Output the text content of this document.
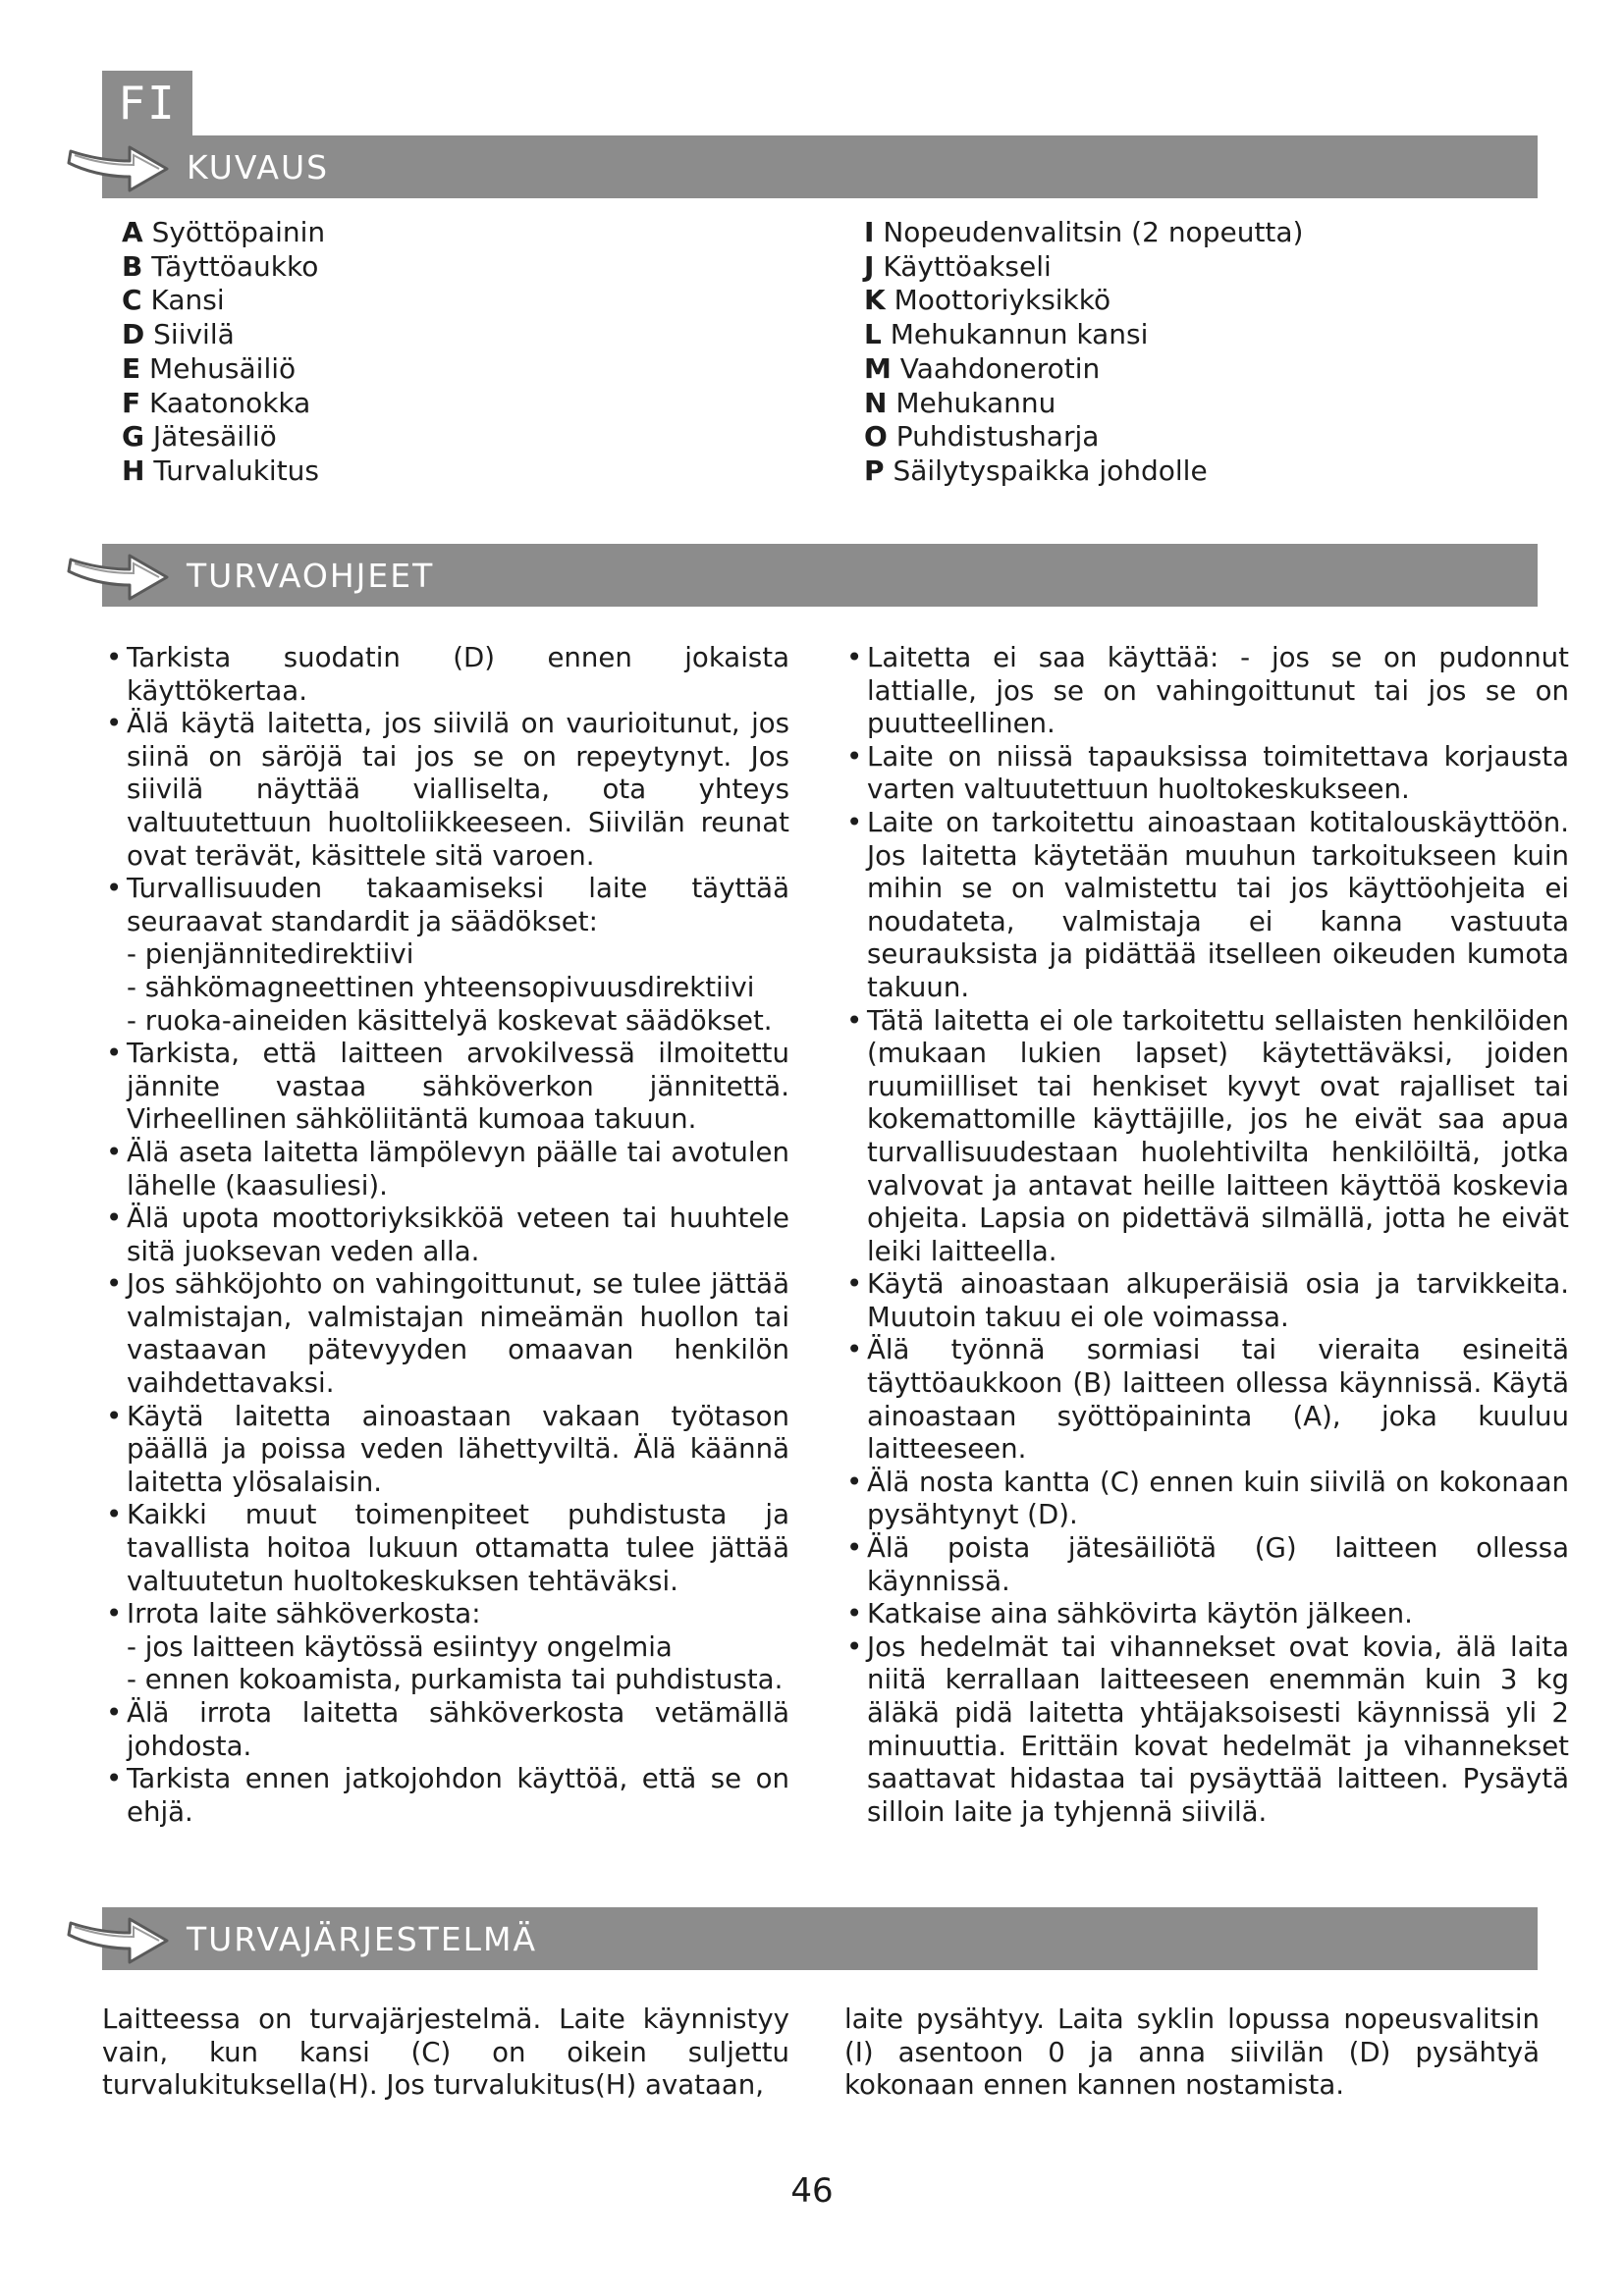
FI
KUVAUS
A Syöttöpainin
B Täyttöaukko
C Kansi
D Siivilä
E Mehusäiliö
F Kaatonokka
G Jätesäiliö
H Turvalukitus
I Nopeudenvalitsin (2 nopeutta)
J Käyttöakseli
K Moottoriyksikkö
L Mehukannun kansi
M Vaahdonerotin
N Mehukannu
O Puhdistusharja
P Säilytyspaikka johdolle
TURVAOHJEET
• Tarkista suodatin (D) ennen jokaista käyttökertaa.
• Älä käytä laitetta, jos siivilä on vaurioitunut, jos siinä on säröjä tai jos se on repeytynyt. Jos siivilä näyttää vialliselta, ota yhteys valtuutettuun huoltoliikkeeseen. Siivilän reunat ovat terävät, käsittele sitä varoen.
• Turvallisuuden takaamiseksi laite täyttää seuraavat standardit ja säädökset:
- pienjännitedirektiivi
- sähkömagneettinen yhteensopivuusdirektiivi
- ruoka-aineiden käsittelyä koskevat säädökset.
• Tarkista, että laitteen arvokilvessä ilmoitettu jännite vastaa sähköverkon jännitettä. Virheellinen sähköliitäntä kumoaa takuun.
• Älä aseta laitetta lämpölevyn päälle tai avotulen lähelle (kaasuliesi).
• Älä upota moottoriyksikköä veteen tai huuhtele sitä juoksevan veden alla.
• Jos sähköjohto on vahingoittunut, se tulee jättää valmistajan, valmistajan nimeämän huollon tai vastaavan pätevyyden omaavan henkilön vaihdettavaksi.
• Käytä laitetta ainoastaan vakaan työtason päällä ja poissa veden lähettyviltä. Älä käännä laitetta ylösalaisin.
• Kaikki muut toimenpiteet puhdistusta ja tavallista hoitoa lukuun ottamatta tulee jättää valtuutetun huoltokeskuksen tehtäväksi.
• Irrota laite sähköverkosta:
- jos laitteen käytössä esiintyy ongelmia
- ennen kokoamista, purkamista tai puhdistusta.
• Älä irrota laitetta sähköverkosta vetämällä johdosta.
• Tarkista ennen jatkojohdon käyttöä, että se on ehjä.
• Laitetta ei saa käyttää: - jos se on pudonnut lattialle, jos se on vahingoittunut tai jos se on puutteellinen.
• Laite on niissä tapauksissa toimitettava korjausta varten valtuutettuun huoltokeskukseen.
• Laite on tarkoitettu ainoastaan kotitalouskäyttöön. Jos laitetta käytetään muuhun tarkoitukseen kuin mihin se on valmistettu tai jos käyttöohjeita ei noudateta, valmistaja ei kanna vastuuta seurauksista ja pidättää itselleen oikeuden kumota takuun.
• Tätä laitetta ei ole tarkoitettu sellaisten henkilöiden (mukaan lukien lapset) käytettäväksi, joiden ruumiilliset tai henkiset kyvyt ovat rajalliset tai kokemattomille käyttäjille, jos he eivät saa apua turvallisuudestaan huolehtivilta henkilöiltä, jotka valvovat ja antavat heille laitteen käyttöä koskevia ohjeita. Lapsia on pidettävä silmällä, jotta he eivät leiki laitteella.
• Käytä ainoastaan alkuperäisiä osia ja tarvikkeita. Muutoin takuu ei ole voimassa.
• Älä työnnä sormiasi tai vieraita esineitä täyttöaukkoon (B) laitteen ollessa käynnissä. Käytä ainoastaan syöttöpaininta (A), joka kuuluu laitteeseen.
• Älä nosta kantta (C) ennen kuin siivilä on kokonaan pysähtynyt (D).
• Älä poista jätesäiliötä (G) laitteen ollessa käynnissä.
• Katkaise aina sähkövirta käytön jälkeen.
• Jos hedelmät tai vihannekset ovat kovia, älä laita niitä kerrallaan laitteeseen enemmän kuin 3 kg äläkä pidä laitetta yhtäjaksoisesti käynnissä yli 2 minuuttia. Erittäin kovat hedelmät ja vihannekset saattavat hidastaa tai pysäyttää laitteen. Pysäytä silloin laite ja tyhjennä siivilä.
TURVAJÄRJESTELMÄ
Laitteessa on turvajärjestelmä. Laite käynnistyy vain, kun kansi (C) on oikein suljettu turvalukituksella(H). Jos turvalukitus(H) avataan,
laite pysähtyy. Laita syklin lopussa nopeusvalitsin (I) asentoon 0 ja anna siivilän (D) pysähtyä kokonaan ennen kannen nostamista.
46
